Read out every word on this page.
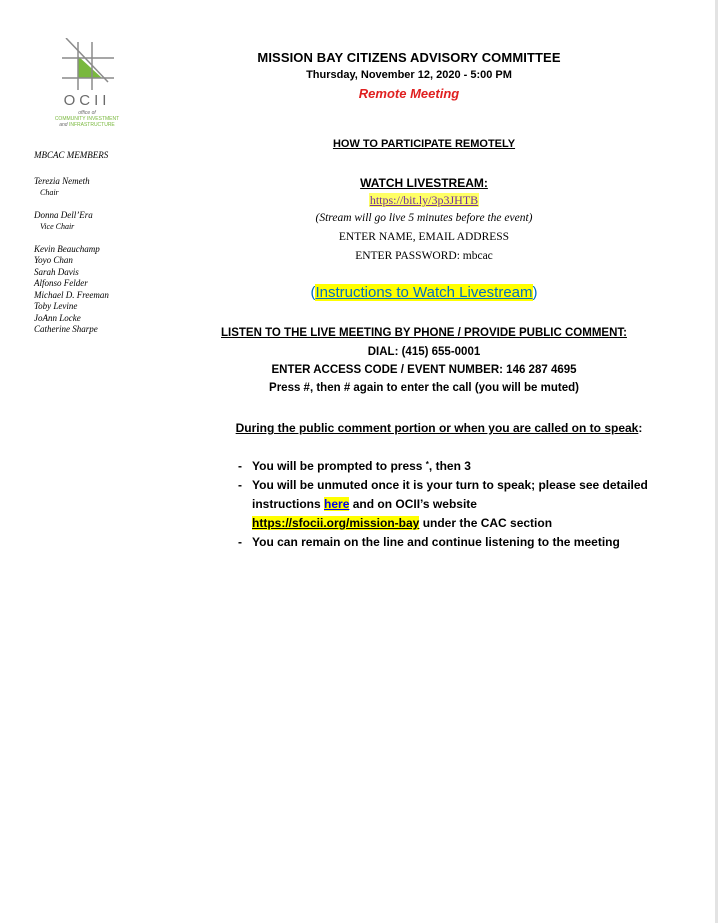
OCII
office of
COMMUNITY INVESTMENT
and INFRASTRUCTURE
MBCAC MEMBERS
Terezia Nemeth
Chair
Donna Dell’Era
Vice Chair
Kevin Beauchamp
Yoyo Chan
Sarah Davis
Alfonso Felder
Michael D. Freeman
Toby Levine
JoAnn Locke
Catherine Sharpe
MISSION BAY CITIZENS ADVISORY COMMITTEE
Thursday, November 12, 2020 - 5:00 PM
Remote Meeting
HOW TO PARTICIPATE REMOTELY
WATCH LIVESTREAM:
https://bit.ly/3p3JHTB
(Stream will go live 5 minutes before the event)
ENTER NAME, EMAIL ADDRESS
ENTER PASSWORD: mbcac
(Instructions to Watch Livestream)
LISTEN TO THE LIVE MEETING BY PHONE / PROVIDE PUBLIC COMMENT:
DIAL: (415) 655-0001
ENTER ACCESS CODE / EVENT NUMBER: 146 287 4695
Press #, then # again to enter the call (you will be muted)
During the public comment portion or when you are called on to speak:
- You will be prompted to press *, then 3
- You will be unmuted once it is your turn to speak; please see detailed instructions here and on OCII’s website
https://sfocii.org/mission-bay under the CAC section
- You can remain on the line and continue listening to the meeting
